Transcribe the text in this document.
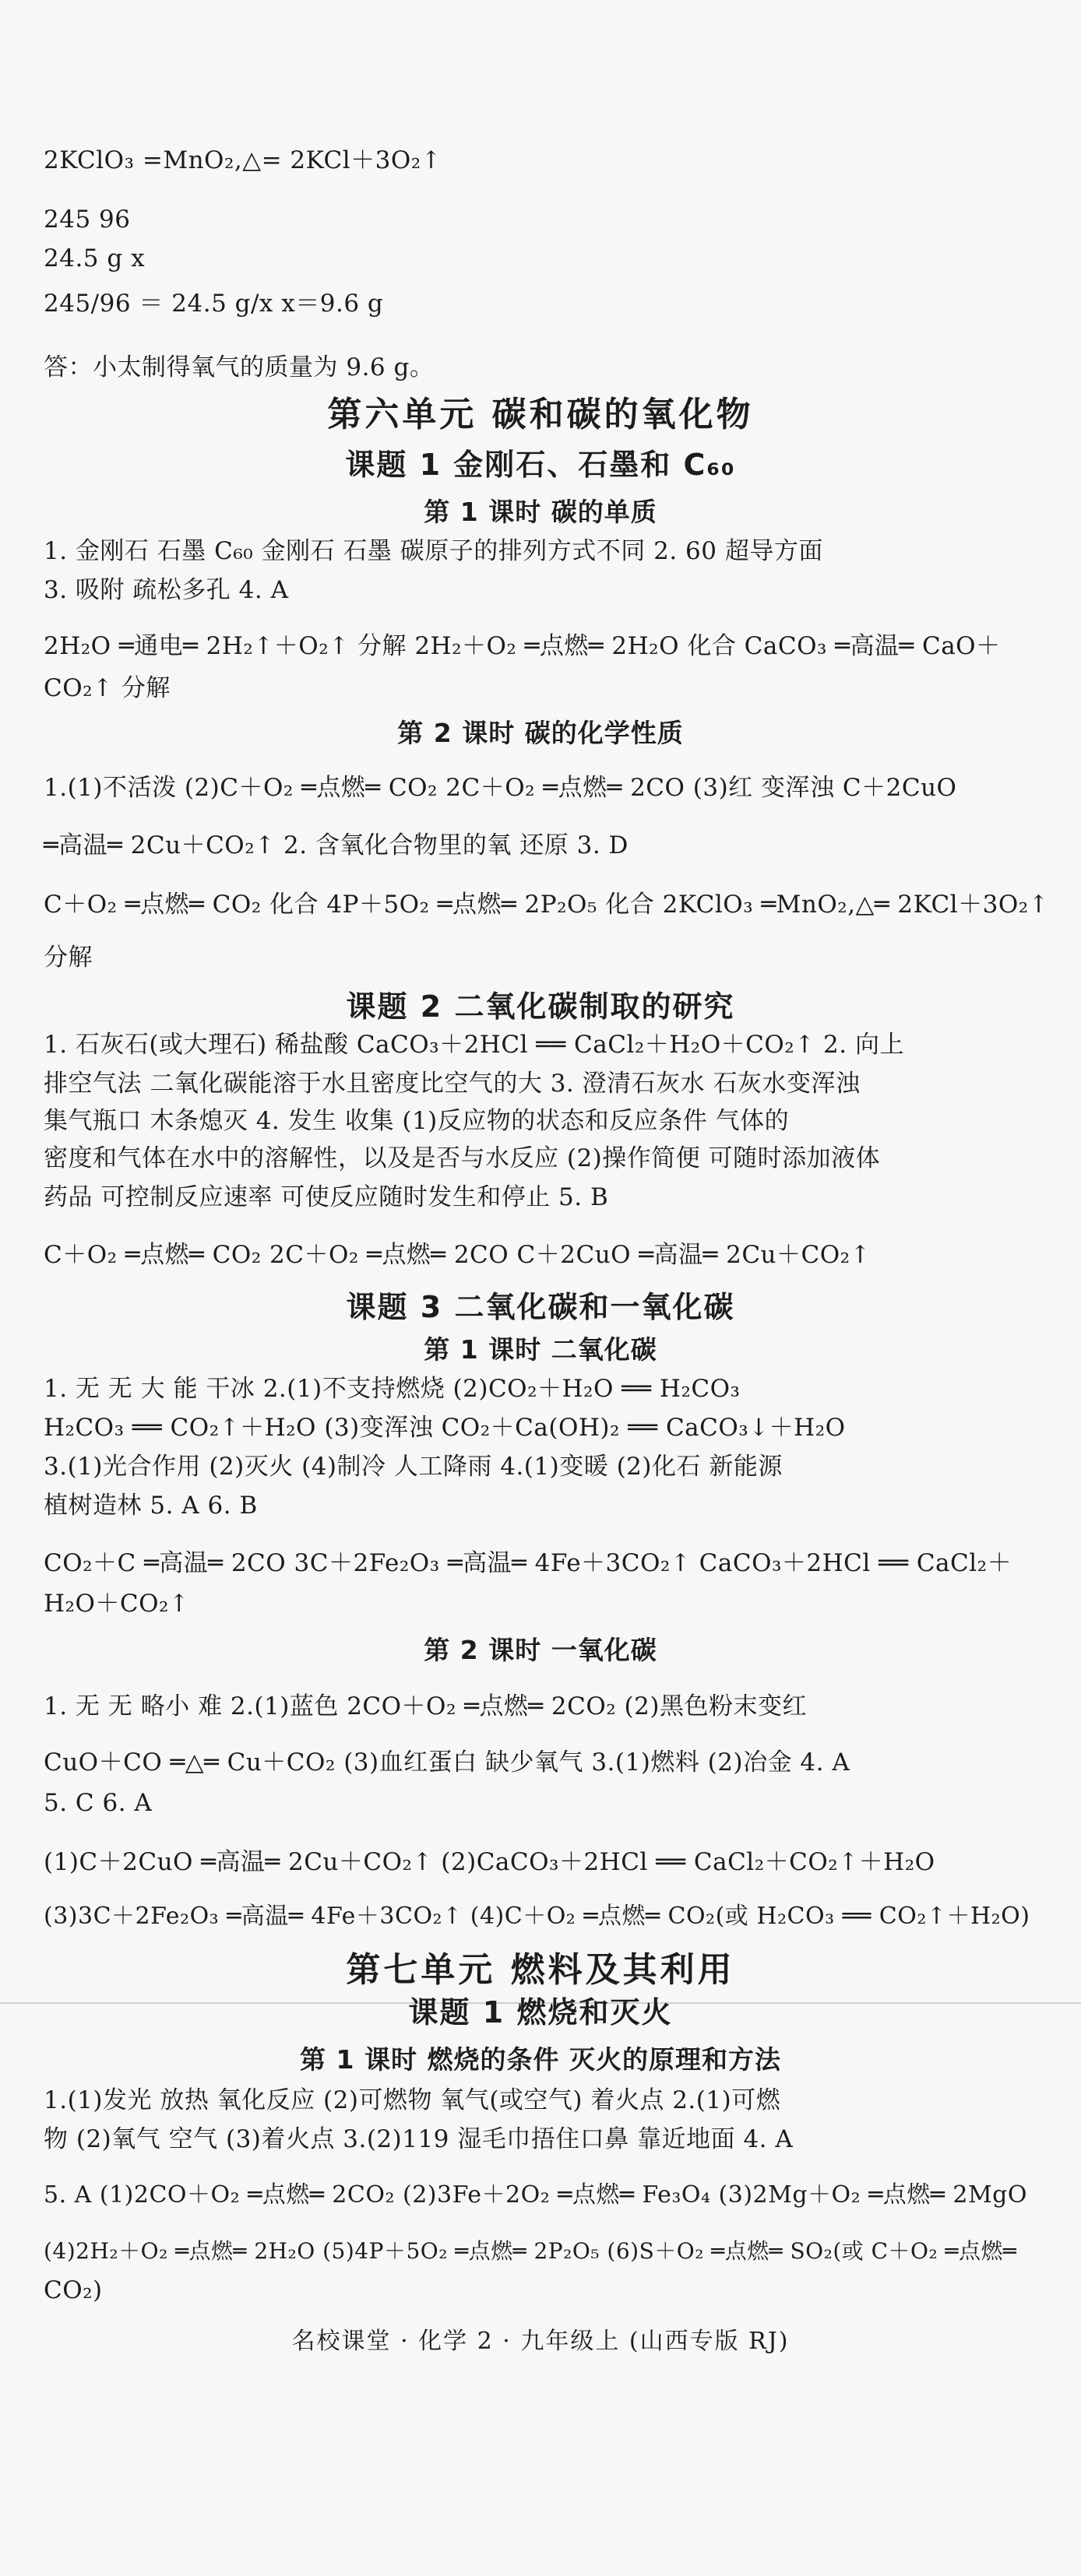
2KClO₃ =MnO₂,△= 2KCl＋3O₂↑
245 96
24.5 g x
245/96 ＝ 24.5 g/x x＝9.6 g
答：小太制得氧气的质量为 9.6 g。
第六单元 碳和碳的氧化物
课题 1 金刚石、石墨和 C₆₀
第 1 课时 碳的单质
1. 金刚石 石墨 C₆₀ 金刚石 石墨 碳原子的排列方式不同 2. 60 超导方面
3. 吸附 疏松多孔 4. A
2H₂O ═通电═ 2H₂↑＋O₂↑ 分解 2H₂＋O₂ ═点燃═ 2H₂O 化合 CaCO₃ ═高温═ CaO＋
CO₂↑ 分解
第 2 课时 碳的化学性质
1.(1)不活泼 (2)C＋O₂ ═点燃═ CO₂ 2C＋O₂ ═点燃═ 2CO (3)红 变浑浊 C＋2CuO
═高温═ 2Cu＋CO₂↑ 2. 含氧化合物里的氧 还原 3. D
C＋O₂ ═点燃═ CO₂ 化合 4P＋5O₂ ═点燃═ 2P₂O₅ 化合 2KClO₃ ═MnO₂,△═ 2KCl＋3O₂↑
分解
课题 2 二氧化碳制取的研究
1. 石灰石(或大理石) 稀盐酸 CaCO₃＋2HCl ══ CaCl₂＋H₂O＋CO₂↑ 2. 向上
排空气法 二氧化碳能溶于水且密度比空气的大 3. 澄清石灰水 石灰水变浑浊
集气瓶口 木条熄灭 4. 发生 收集 (1)反应物的状态和反应条件 气体的
密度和气体在水中的溶解性，以及是否与水反应 (2)操作简便 可随时添加液体
药品 可控制反应速率 可使反应随时发生和停止 5. B
C＋O₂ ═点燃═ CO₂ 2C＋O₂ ═点燃═ 2CO C＋2CuO ═高温═ 2Cu＋CO₂↑
课题 3 二氧化碳和一氧化碳
第 1 课时 二氧化碳
1. 无 无 大 能 干冰 2.(1)不支持燃烧 (2)CO₂＋H₂O ══ H₂CO₃
H₂CO₃ ══ CO₂↑＋H₂O (3)变浑浊 CO₂＋Ca(OH)₂ ══ CaCO₃↓＋H₂O
3.(1)光合作用 (2)灭火 (4)制冷 人工降雨 4.(1)变暖 (2)化石 新能源
植树造林 5. A 6. B
CO₂＋C ═高温═ 2CO 3C＋2Fe₂O₃ ═高温═ 4Fe＋3CO₂↑ CaCO₃＋2HCl ══ CaCl₂＋
H₂O＋CO₂↑
第 2 课时 一氧化碳
1. 无 无 略小 难 2.(1)蓝色 2CO＋O₂ ═点燃═ 2CO₂ (2)黑色粉末变红
CuO＋CO ═△═ Cu＋CO₂ (3)血红蛋白 缺少氧气 3.(1)燃料 (2)冶金 4. A
5. C 6. A
(1)C＋2CuO ═高温═ 2Cu＋CO₂↑ (2)CaCO₃＋2HCl ══ CaCl₂＋CO₂↑＋H₂O
(3)3C＋2Fe₂O₃ ═高温═ 4Fe＋3CO₂↑ (4)C＋O₂ ═点燃═ CO₂(或 H₂CO₃ ══ CO₂↑＋H₂O)
第七单元 燃料及其利用
课题 1 燃烧和灭火
第 1 课时 燃烧的条件 灭火的原理和方法
1.(1)发光 放热 氧化反应 (2)可燃物 氧气(或空气) 着火点 2.(1)可燃
物 (2)氧气 空气 (3)着火点 3.(2)119 湿毛巾捂住口鼻 靠近地面 4. A
5. A (1)2CO＋O₂ ═点燃═ 2CO₂ (2)3Fe＋2O₂ ═点燃═ Fe₃O₄ (3)2Mg＋O₂ ═点燃═ 2MgO
(4)2H₂＋O₂ ═点燃═ 2H₂O (5)4P＋5O₂ ═点燃═ 2P₂O₅ (6)S＋O₂ ═点燃═ SO₂(或 C＋O₂ ═点燃═
CO₂)
名校课堂 · 化学 2 · 九年级上 (山西专版 RJ)
